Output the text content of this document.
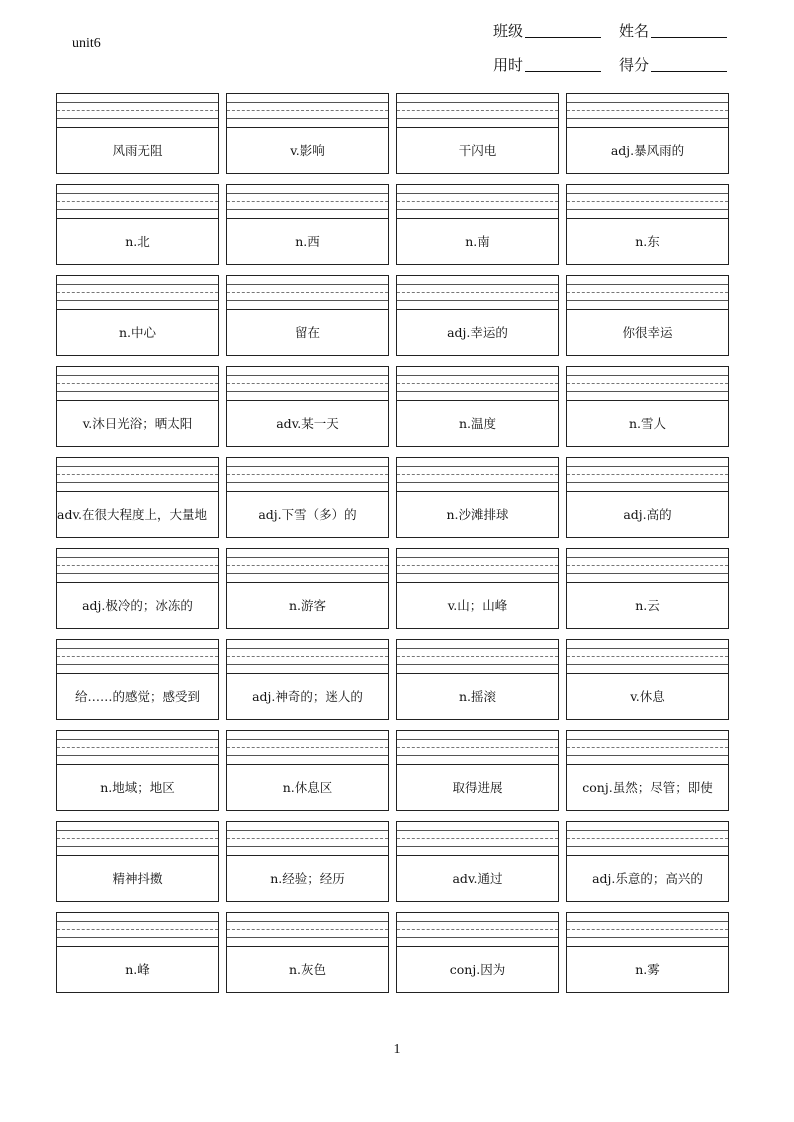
unit6
班级	姓名
用时	得分
风雨无阻	v.影响	干闪电	adj.暴风雨的
n.北	n.西	n.南	n.东
n.中心	留在	adj.幸运的	你很幸运
v.沐日光浴；晒太阳	adv.某一天	n.温度	n.雪人
adv.在很大程度上，大量地	adj.下雪（多）的	n.沙滩排球	adj.高的
adj.极冷的；冰冻的	n.游客	v.山；山峰	n.云
给……的感觉；感受到	adj.神奇的；迷人的	n.摇滚	v.休息
n.地域；地区	n.休息区	取得进展	conj.虽然；尽管；即使
精神抖擞	n.经验；经历	adv.通过	adj.乐意的；高兴的
n.峰	n.灰色	conj.因为	n.雾
1
